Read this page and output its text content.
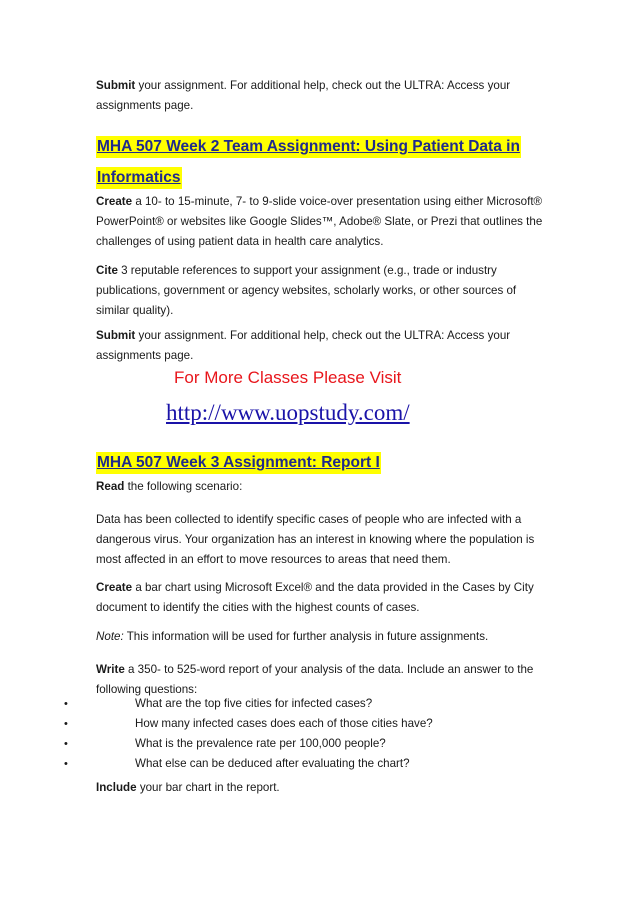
Submit your assignment. For additional help, check out the ULTRA: Access your assignments page.

MHA 507 Week 2 Team Assignment: Using Patient Data in
Informatics

Create a 10- to 15-minute, 7- to 9-slide voice-over presentation using either Microsoft® PowerPoint® or websites like Google Slides™, Adobe® Slate, or Prezi that outlines the challenges of using patient data in health care analytics.

Cite 3 reputable references to support your assignment (e.g., trade or industry publications, government or agency websites, scholarly works, or other sources of similar quality).

Submit your assignment. For additional help, check out the ULTRA: Access your assignments page.

For More Classes Please Visit
http://www.uopstudy.com/
MHA 507 Week 3 Assignment: Report I

Read the following scenario:

Data has been collected to identify specific cases of people who are infected with a dangerous virus. Your organization has an interest in knowing where the population is most affected in an effort to move resources to areas that need them.

Create a bar chart using Microsoft Excel® and the data provided in the Cases by City document to identify the cities with the highest counts of cases.

Note: This information will be used for further analysis in future assignments.

Write a 350- to 525-word report of your analysis of the data. Include an answer to the following questions:

•	What are the top five cities for infected cases?
•	How many infected cases does each of those cities have?
•	What is the prevalence rate per 100,000 people?
•	What else can be deduced after evaluating the chart?

Include your bar chart in the report.
